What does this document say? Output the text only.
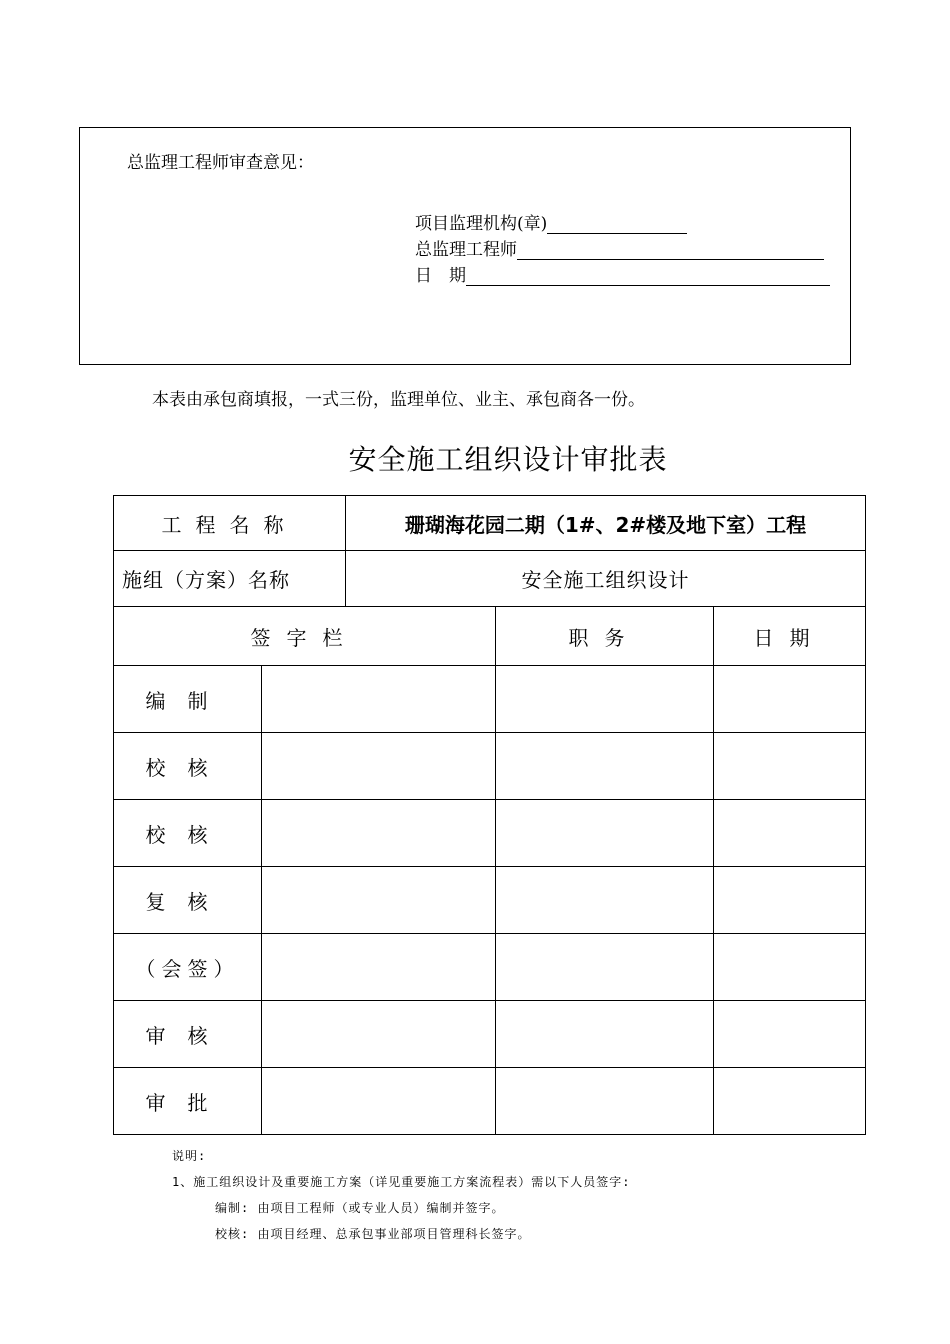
总监理工程师审查意见：
项目监理机构(章)
总监理工程师
日　期
本表由承包商填报，一式三份，监理单位、业主、承包商各一份。
安全施工组织设计审批表
工程名称		珊瑚海花园二期（1#、2#楼及地下室）工程		
施组（方案）名称		安全施工组织设计		
签字栏			职务	日期
编制				
校核				
校核				
复核				
（会签）				
审核				
审批				
说明:
1、施工组织设计及重要施工方案（详见重要施工方案流程表）需以下人员签字:
编制: 由项目工程师（或专业人员）编制并签字。
校核: 由项目经理、总承包事业部项目管理科长签字。
